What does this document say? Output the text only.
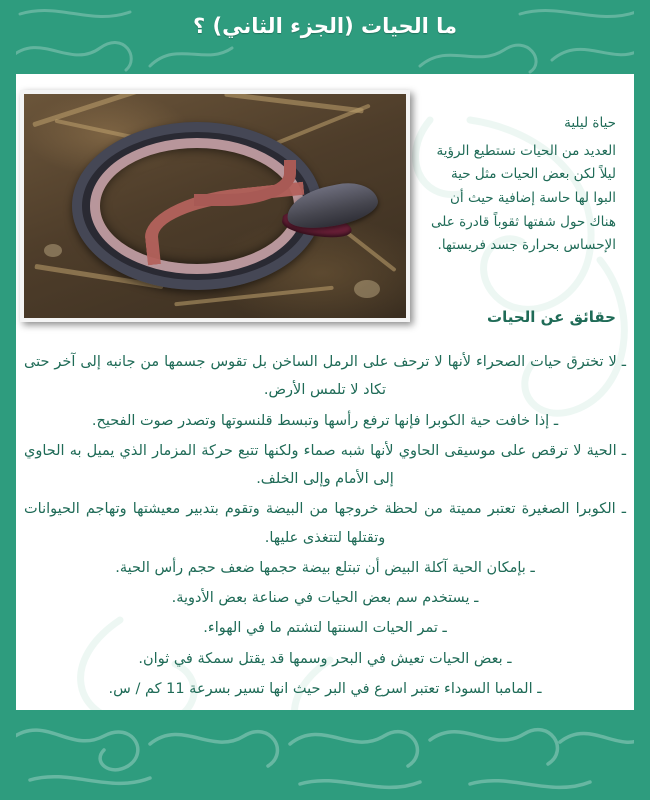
ما الحيات (الجزء الثاني) ؟
حياة ليلية
العديد من الحيات نستطيع الرؤية ليلاً لكن بعض الحيات مثل حية البوا لها حاسة إضافية حيث أن هناك حول شفتها ثقوباً قادرة على الإحساس بحرارة جسد فريستها.
حقائق عن الحيات
ـ لا تخترق حيات الصحراء لأنها لا ترحف على الرمل الساخن بل تقوس جسمها من جانبه إلى آخر حتى تكاد لا تلمس الأرض.
ـ إذا خافت حية الكوبرا فإنها ترفع رأسها وتبسط قلنسوتها وتصدر صوت الفحيح.
ـ الحية لا ترقص على موسيقى الحاوي لأنها شبه صماء ولكنها تتبع حركة المزمار الذي يميل به الحاوي إلى الأمام وإلى الخلف.
ـ الكوبرا الصغيرة تعتبر مميتة من لحظة خروجها من البيضة وتقوم بتدبير معيشتها وتهاجم الحيوانات وتقتلها لتتغذى عليها.
ـ بإمكان الحية آكلة البيض أن تبتلع بيضة حجمها ضعف حجم رأس الحية.
ـ يستخدم سم بعض الحيات في صناعة بعض الأدوية.
ـ تمر الحيات السنتها لتشتم ما في الهواء.
ـ بعض الحيات تعيش في البحر وسمها قد يقتل سمكة في ثوان.
ـ المامبا السوداء تعتبر اسرع في البر حيث انها تسير بسرعة 11 كم / س.
